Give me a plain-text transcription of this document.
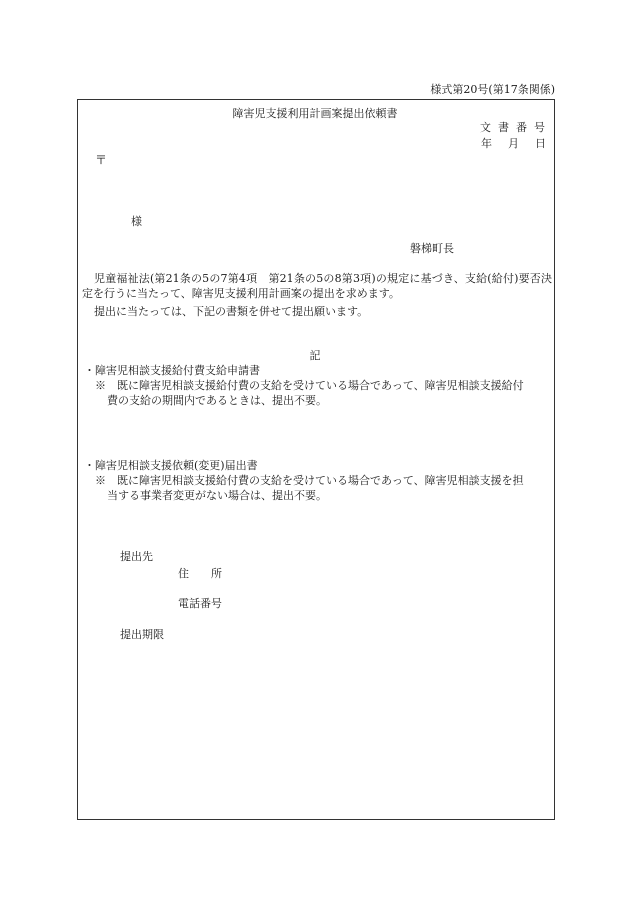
様式第20号(第17条関係)
障害児支援利用計画案提出依頼書
文書番号
年 月 日
〒
様
磐梯町長
児童福祉法(第21条の5の7第4項　第21条の5の8第3項)の規定に基づき、支給(給付)要否決定を行うに当たって、障害児支援利用計画案の提出を求めます。
提出に当たっては、下記の書類を併せて提出願います。
記
・障害児相談支援給付費支給申請書
※　既に障害児相談支援給付費の支給を受けている場合であって、障害児相談支援給付
費の支給の期間内であるときは、提出不要。
・障害児相談支援依頼(変更)届出書
※　既に障害児相談支援給付費の支給を受けている場合であって、障害児相談支援を担
当する事業者変更がない場合は、提出不要。
提出先
住　　所
電話番号
提出期限
